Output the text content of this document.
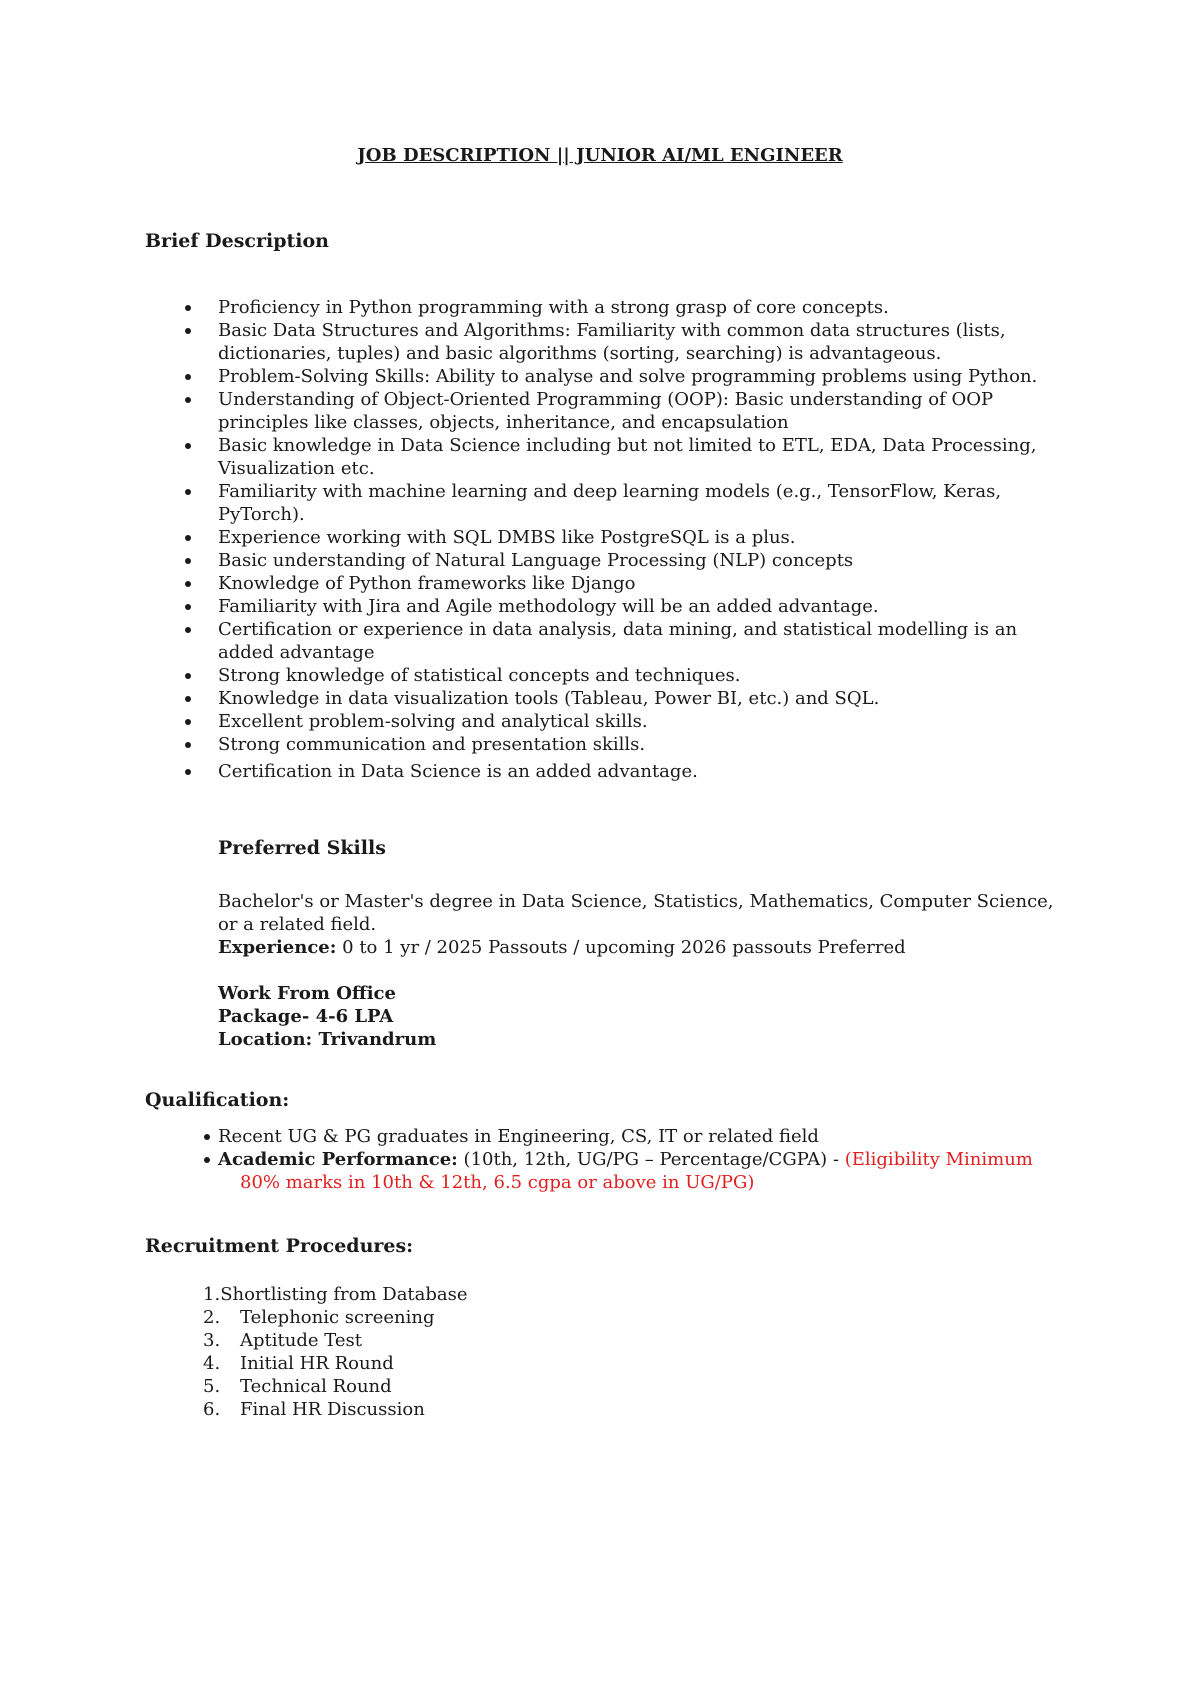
JOB DESCRIPTION || JUNIOR AI/ML ENGINEER
Brief Description
Proficiency in Python programming with a strong grasp of core concepts.
Basic Data Structures and Algorithms: Familiarity with common data structures (lists, dictionaries, tuples) and basic algorithms (sorting, searching) is advantageous.
Problem-Solving Skills: Ability to analyse and solve programming problems using Python.
Understanding of Object-Oriented Programming (OOP): Basic understanding of OOP principles like classes, objects, inheritance, and encapsulation
Basic knowledge in Data Science including but not limited to ETL, EDA, Data Processing, Visualization etc.
Familiarity with machine learning and deep learning models (e.g., TensorFlow, Keras, PyTorch).
Experience working with SQL DMBS like PostgreSQL is a plus.
Basic understanding of Natural Language Processing (NLP) concepts
Knowledge of Python frameworks like Django
Familiarity with Jira and Agile methodology will be an added advantage.
Certification or experience in data analysis, data mining, and statistical modelling is an added advantage
Strong knowledge of statistical concepts and techniques.
Knowledge in data visualization tools (Tableau, Power BI, etc.) and SQL.
Excellent problem-solving and analytical skills.
Strong communication and presentation skills.
Certification in Data Science is an added advantage.
Preferred Skills
Bachelor's or Master's degree in Data Science, Statistics, Mathematics, Computer Science, or a related field.
Experience: 0 to 1 yr / 2025 Passouts / upcoming 2026 passouts Preferred
Work From Office
Package- 4-6 LPA
Location: Trivandrum
Qualification:
Recent UG & PG graduates in Engineering, CS, IT or related field
Academic Performance: (10th, 12th, UG/PG – Percentage/CGPA) - (Eligibility Minimum
80% marks in 10th & 12th, 6.5 cgpa or above in UG/PG)
Recruitment Procedures:
1. Shortlisting from Database
2.	Telephonic screening
3.	Aptitude Test
4.	Initial HR Round
5.	Technical Round
6.	Final HR Discussion
